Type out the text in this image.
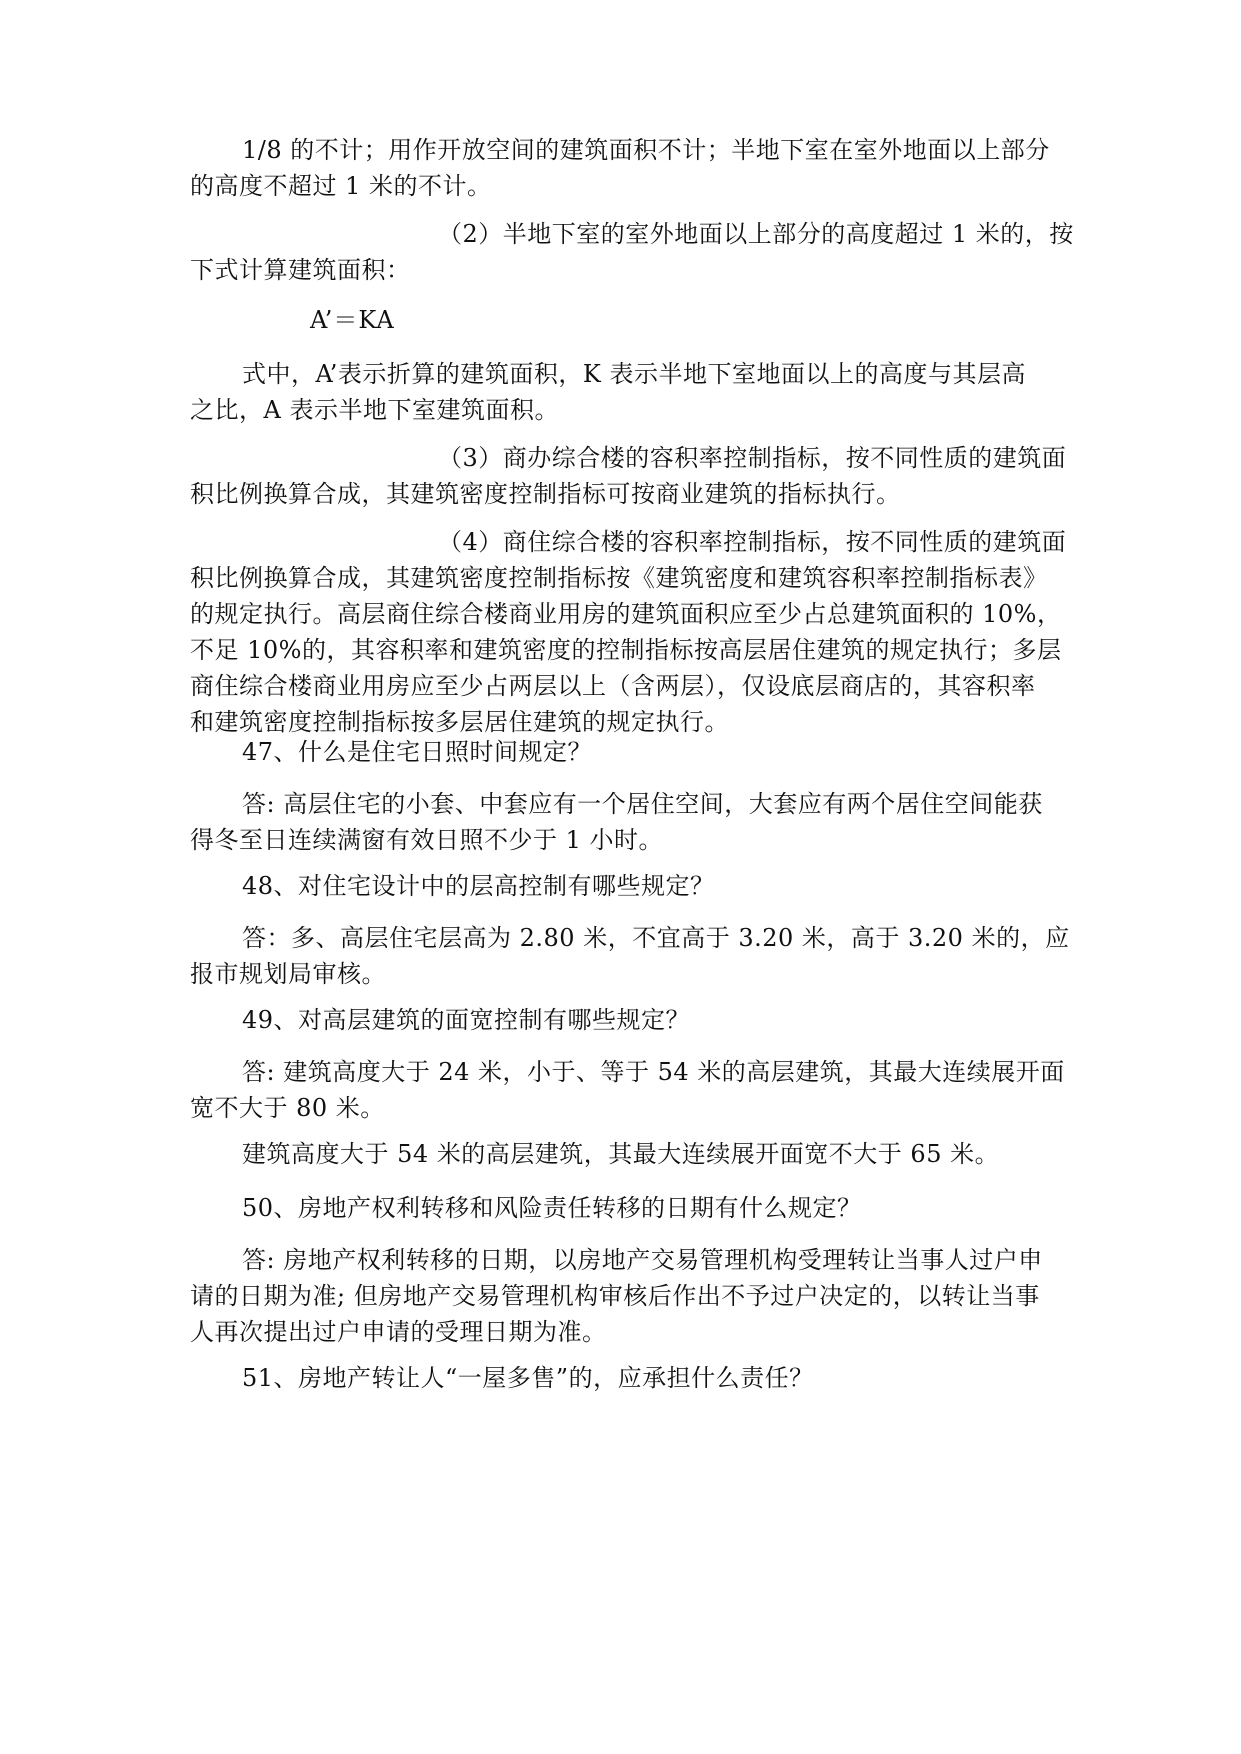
1/8 的不计；用作开放空间的建筑面积不计；半地下室在室外地面以上部分
的高度不超过 1 米的不计。

（2）半地下室的室外地面以上部分的高度超过 1 米的，按
下式计算建筑面积：

A’＝KA

式中，A’表示折算的建筑面积，K 表示半地下室地面以上的高度与其层高
之比，A 表示半地下室建筑面积。

（3）商办综合楼的容积率控制指标，按不同性质的建筑面
积比例换算合成，其建筑密度控制指标可按商业建筑的指标执行。

（4）商住综合楼的容积率控制指标，按不同性质的建筑面
积比例换算合成，其建筑密度控制指标按《建筑密度和建筑容积率控制指标表》
的规定执行。高层商住综合楼商业用房的建筑面积应至少占总建筑面积的 10%，
不足 10%的，其容积率和建筑密度的控制指标按高层居住建筑的规定执行；多层
商住综合楼商业用房应至少占两层以上（含两层），仅设底层商店的，其容积率
和建筑密度控制指标按多层居住建筑的规定执行。

47、什么是住宅日照时间规定？

答: 高层住宅的小套、中套应有一个居住空间，大套应有两个居住空间能获
得冬至日连续满窗有效日照不少于 1 小时。

48、对住宅设计中的层高控制有哪些规定？

答：多、高层住宅层高为 2.80 米，不宜高于 3.20 米，高于 3.20 米的，应
报市规划局审核。

49、对高层建筑的面宽控制有哪些规定？

答: 建筑高度大于 24 米，小于、等于 54 米的高层建筑，其最大连续展开面
宽不大于 80 米。

建筑高度大于 54 米的高层建筑，其最大连续展开面宽不大于 65 米。

50、房地产权利转移和风险责任转移的日期有什么规定？

答: 房地产权利转移的日期，以房地产交易管理机构受理转让当事人过户申
请的日期为准; 但房地产交易管理机构审核后作出不予过户决定的，以转让当事
人再次提出过户申请的受理日期为准。

51、房地产转让人“一屋多售”的，应承担什么责任？
